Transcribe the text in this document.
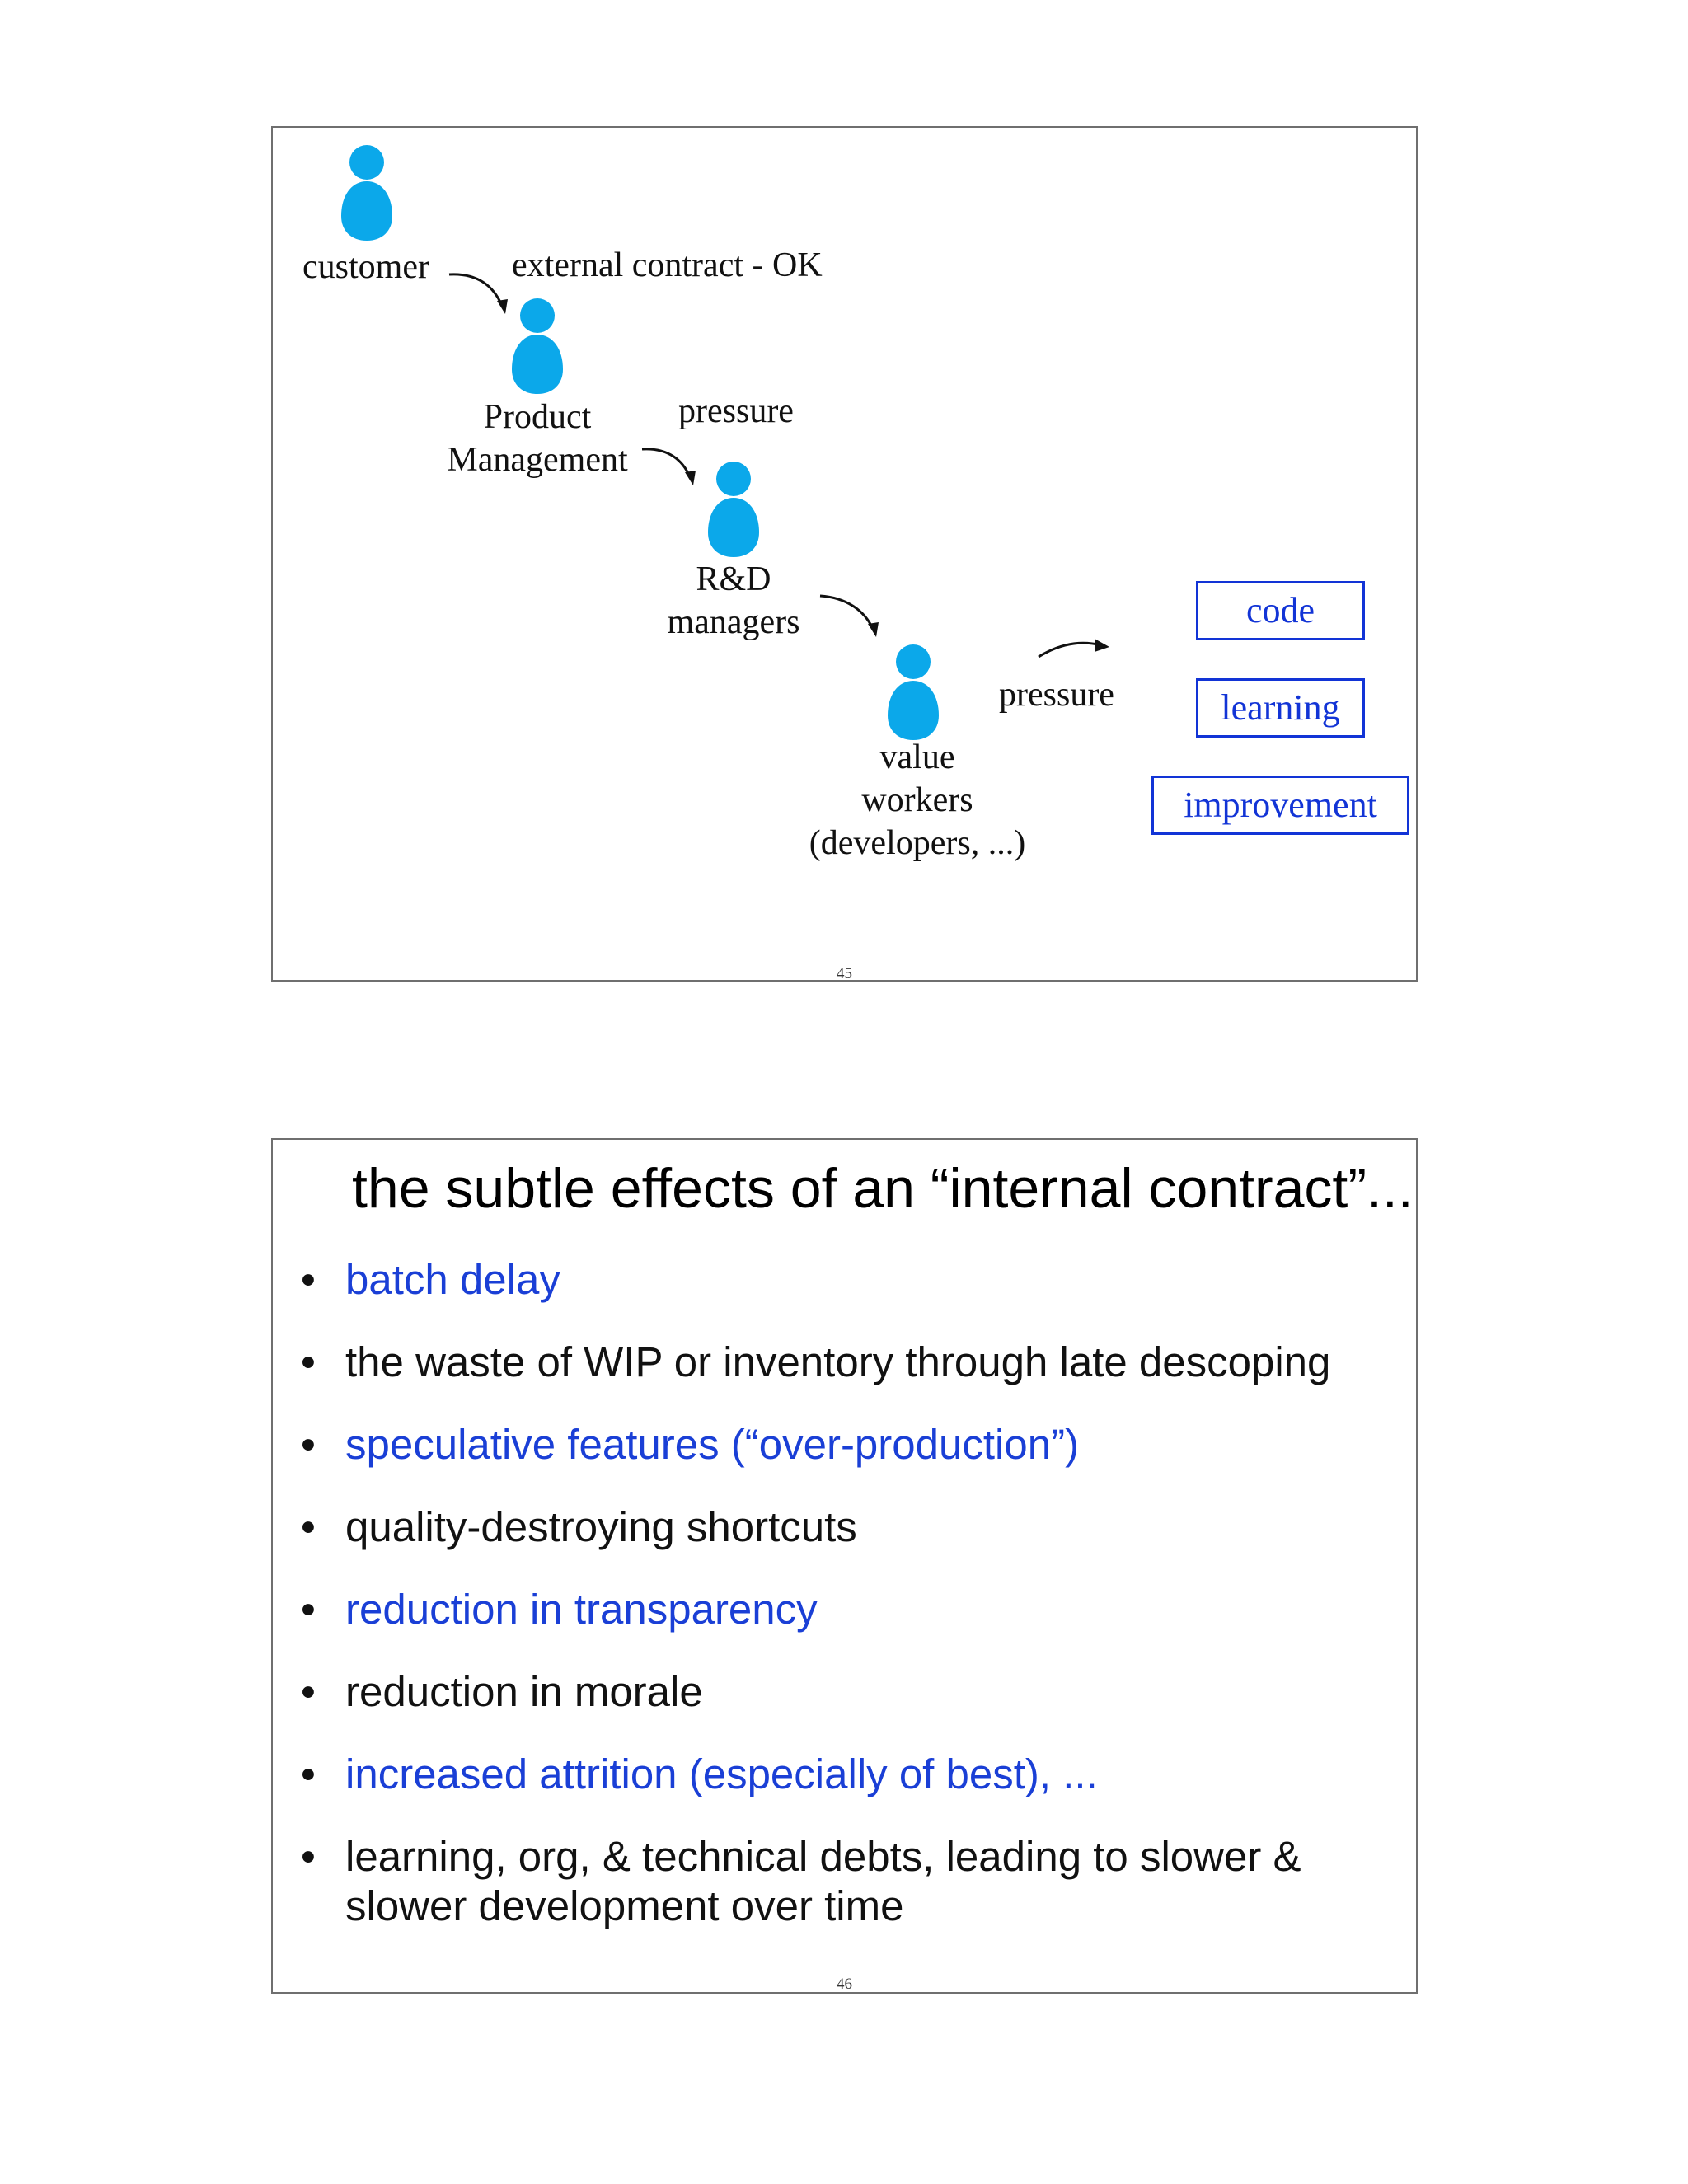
customer external contract - OK
Product
Management
pressure
R&D
managers
value
workers
(developers, ...)
pressure
code
learning
improvement
45
the subtle effects of an “internal contract”...
• batch delay
• the waste of WIP or inventory through late descoping
• speculative features (“over-production”)
• quality-destroying shortcuts
• reduction in transparency
• reduction in morale
• increased attrition (especially of best), ...
• learning, org, & technical debts, leading to slower & slower development over time
46
